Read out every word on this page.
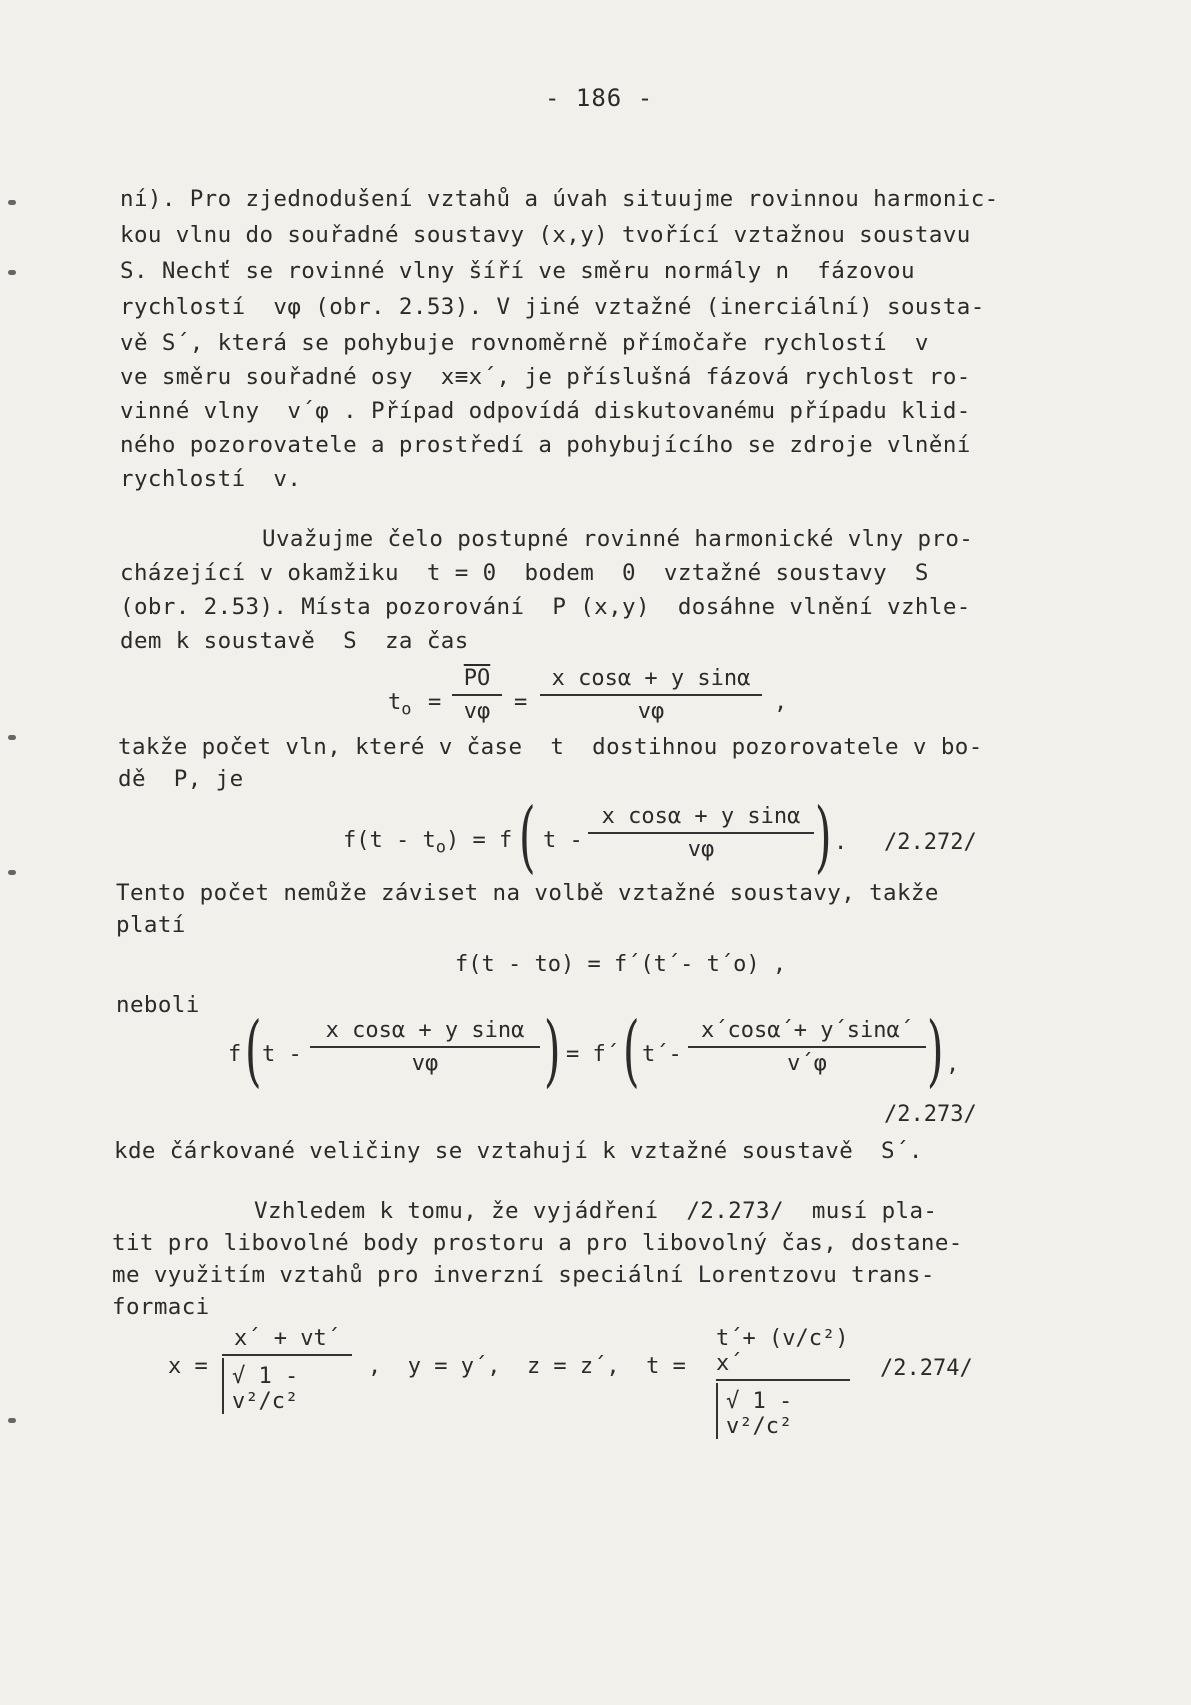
- 186 -
ní). Pro zjednodušení vztahů a úvah situujme rovinnou harmonic-
kou vlnu do souřadné soustavy (x,y) tvořící vztažnou soustavu
S. Nechť se rovinné vlny šíří ve směru normály n  fázovou
rychlostí  vφ (obr. 2.53). V jiné vztažné (inerciální) sousta-
vě S´, která se pohybuje rovnoměrně přímočaře rychlostí  v
ve směru souřadné osy  x≡x´, je příslušná fázová rychlost ro-
vinné vlny  v´φ . Případ odpovídá diskutovanému případu klid-
ného pozorovatele a prostředí a pohybujícího se zdroje vlnění
rychlostí  v.
Uvažujme čelo postupné rovinné harmonické vlny pro-
cházející v okamžiku  t = 0  bodem  0  vztažné soustavy  S
(obr. 2.53). Místa pozorování  P (x,y)  dosáhne vlnění vzhle-
dem k soustavě  S  za čas
$t_o$ =
$\overline{PO}$
vφ =
x cosα + y sinα
vφ	,
takže počet vln, které v čase  t  dostihnou pozorovatele v bo-
dě  P, je
$f(t - t_o) = f$ ( t -
x cosα + y sinα
vφ ) . /2.272/
Tento počet nemůže záviset na volbě vztažné soustavy, takže
platí
f(t - to) = f´(t´- t´o) ,
neboli
f ( t -
x cosα + y sinα
vφ ) = f´ ( t´-
x´cosα´+ y´sinα´
v´φ ) ,
/2.273/
kde čárkované veličiny se vztahují k vztažné soustavě  S´.
Vzhledem k tomu, že vyjádření  /2.273/  musí pla-
tit pro libovolné body prostoru a pro libovolný čas, dostane-
me využitím vztahů pro inverzní speciální Lorentzovu trans-
formaci
x =
x´ + vt´
√ 1 - v²/c²
,  y = y´,  z = z´,  t =
t´+ (v/c²) x´
√ 1 - v²/c²
/2.274/
